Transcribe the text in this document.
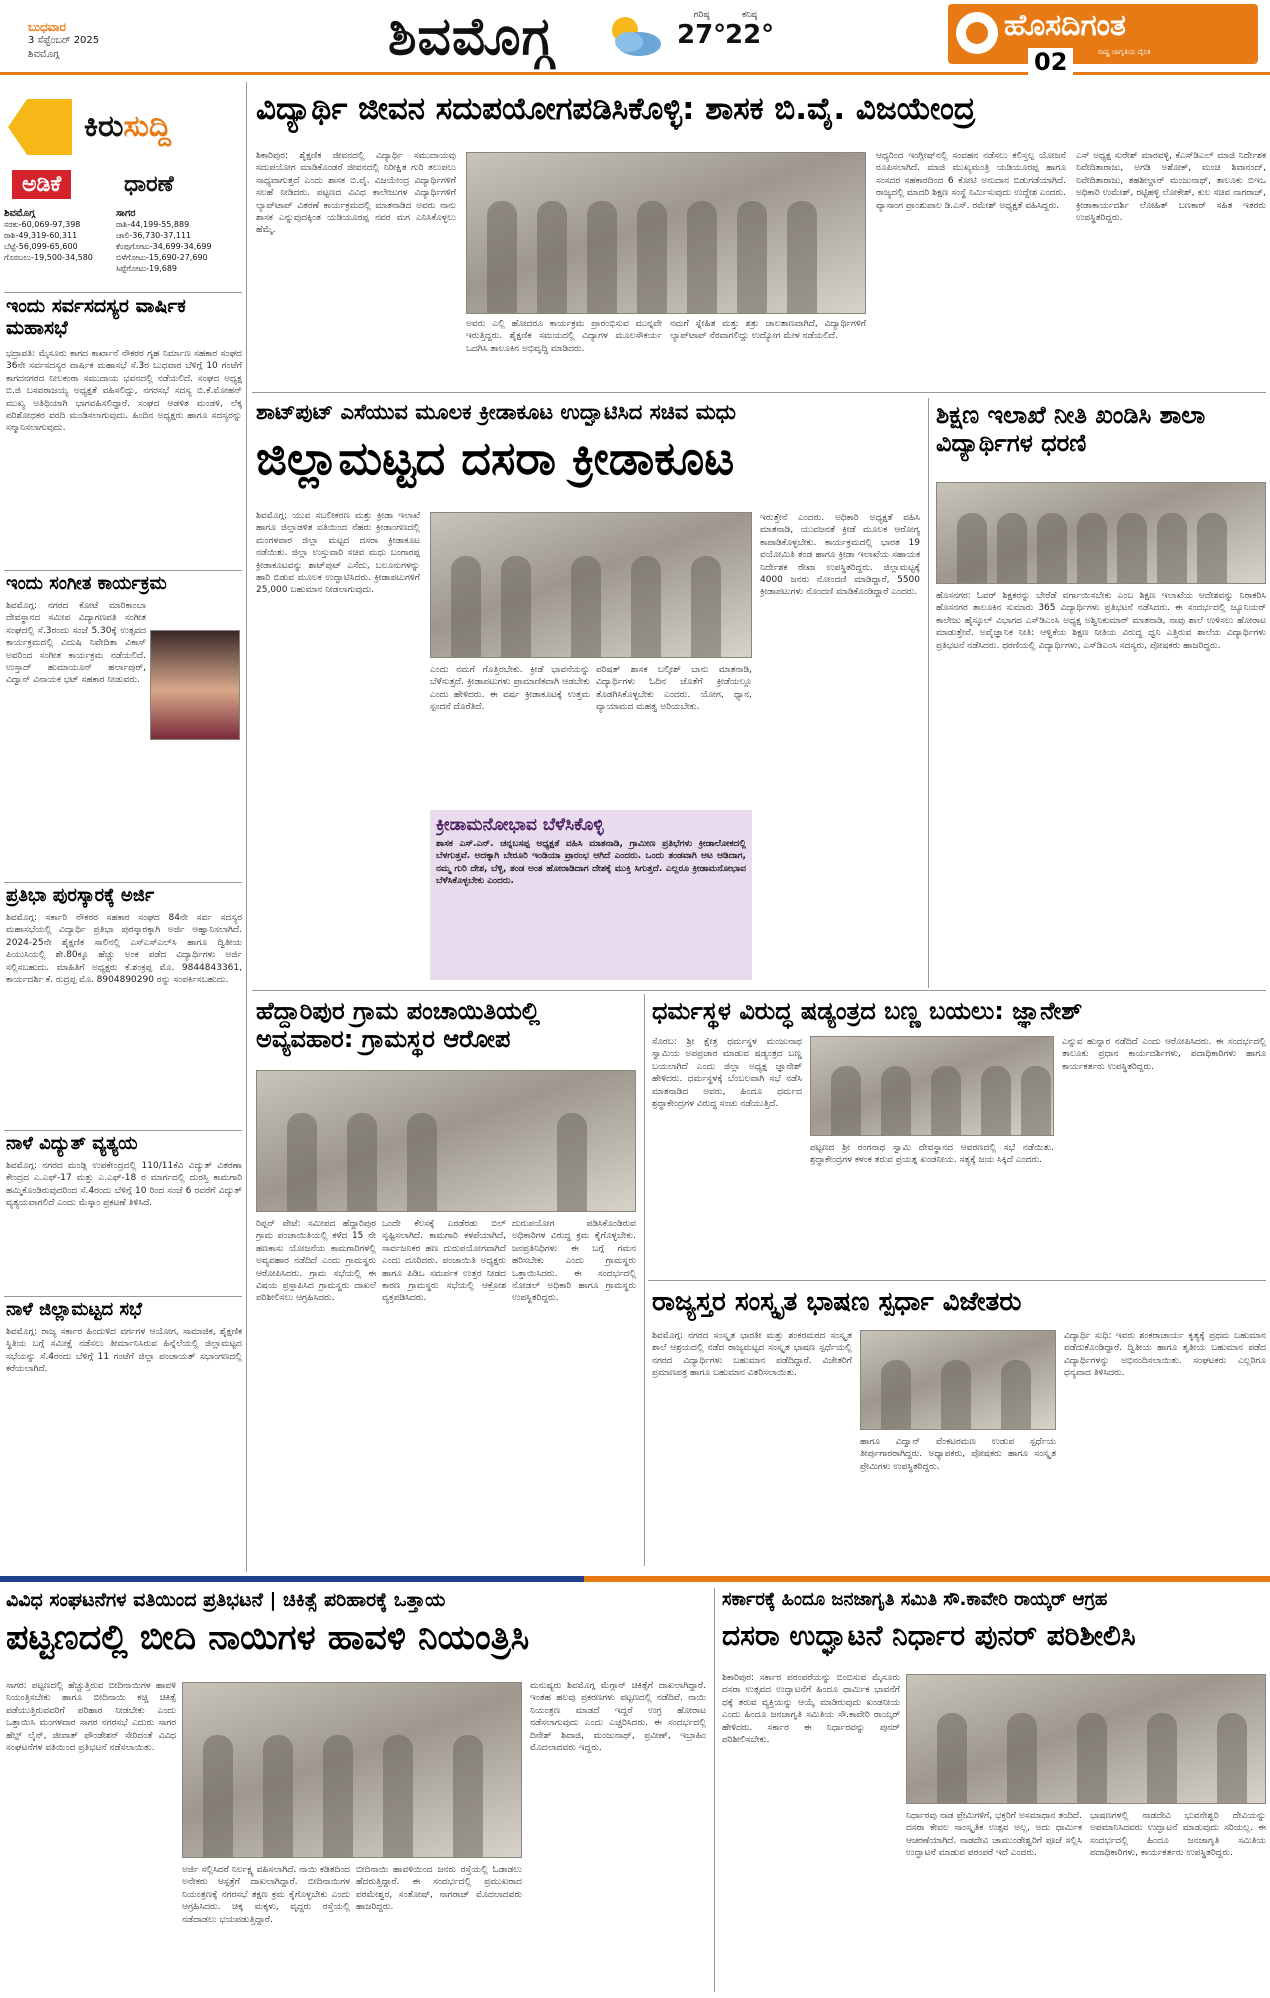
ಬುಧವಾರ
3 ಸೆಪ್ಟೆಂಬರ್ 2025
ಶಿವಮೊಗ್ಗ	ಶಿವಮೊಗ್ಗ	ಗರಿಷ್ಠ
27°
ಕನಿಷ್ಠ
22°	ಹೊಸದಿಗಂತ
ರಾಷ್ಟ್ರ ಜಾಗೃತಿಯ ದೈನಿಕ
02
ಕಿರುಸುದ್ದಿ
ಅಡಿಕೆ	ಧಾರಣೆ
ಶಿವಮೊಗ್ಗ
ಸರಕು-60,069-97,398
ರಾಶಿ-49,319-60,311
ಬೆಟ್ಟೆ-56,099-65,600
ಗೊರಬಲು-19,500-34,580
ಸಾಗರ
ರಾಶಿ-44,199-55,889
ಚಾಲಿ-36,730-37,111
ಕೆಂಪುಗೋಟು-34,699-34,699
ಬಿಳೆಗೋಟು-15,690-27,690
ಸಿಪ್ಪೆಗೋಟು-19,689
ಇಂದು ಸರ್ವಸದಸ್ಯರ ವಾರ್ಷಿಕ ಮಹಾಸಭೆ
ಭದ್ರಾವತಿ: ಮೈಸೂರು ಕಾಗದ ಕಾರ್ಖಾನೆ ನೌಕರರ ಗೃಹ ನಿರ್ಮಾಣ ಸಹಕಾರ ಸಂಘದ 36ನೇ ಸರ್ವಸದಸ್ಯರ ವಾರ್ಷಿಕ ಮಹಾಸಭೆ ಸೆ.3ರ ಬುಧವಾರ ಬೆಳಿಗ್ಗೆ 10 ಗಂಟೆಗೆ ಕಾಗದನಗರದ ನೀಲಕಂಠಾ ಸಮುದಾಯ ಭವನದಲ್ಲಿ ನಡೆಯಲಿದೆ. ಸಂಘದ ಅಧ್ಯಕ್ಷ ಬಿ.ಜಿ ಬಸವರಾಜಯ್ಯ ಅಧ್ಯಕ್ಷತೆ ವಹಿಸಲಿದ್ದು, ನಗರಸಭೆ ಸದಸ್ಯ ಬಿ.ಕೆ.ಮೋಹನ್ ಮುಖ್ಯ ಅತಿಥಿಯಾಗಿ ಭಾಗವಹಿಸಲಿದ್ದಾರೆ. ಸಂಘದ ಆಡಳಿತ ಮಂಡಳಿ, ಲೆಕ್ಕ ಪರಿಶೋಧಕರ ವರದಿ ಮಂಡಿಸಲಾಗುವುದು. ಹಿಂದಿನ ಅಧ್ಯಕ್ಷರು ಹಾಗೂ ಸದಸ್ಯರನ್ನು ಸನ್ಮಾನಿಸಲಾಗುವುದು.
ಇಂದು ಸಂಗೀತ ಕಾರ್ಯಕ್ರಮ
ಶಿವಮೊಗ್ಗ: ನಗರದ ಕೋಟೆ ಮಾರಿಕಾಂಬಾ ದೇವಸ್ಥಾನದ ಸಮೀಪ ವಿದ್ಯಾಗಣಪತಿ ಸಂಗೀತ ಸಂಘದಲ್ಲಿ ಸೆ.3ರಂದು ಸಂಜೆ 5.30ಕ್ಕೆ ಉತ್ಸವದ ಕಾರ್ಯಕ್ರಮದಲ್ಲಿ ವಿದುಷಿ ನಿವೇದಿತಾ ವಿಕಾಸ್ ಅವರಿಂದ ಸಂಗೀತ ಕಾರ್ಯಕ್ರಮ ನಡೆಯಲಿದೆ. ಉಸ್ತಾದ್ ಹುಮಾಯೂನ್ ಹರ್ಲಾಪುರ್, ವಿದ್ವಾನ್ ವಿನಾಯಕ ಭಟ್ ಸಹಕಾರ ನೀಡುವರು.
ಪ್ರತಿಭಾ ಪುರಸ್ಕಾರಕ್ಕೆ ಅರ್ಜಿ
ಶಿವಮೊಗ್ಗ: ಸರ್ಕಾರಿ ನೌಕರರ ಸಹಕಾರ ಸಂಘದ 84ನೇ ಸರ್ವ ಸದಸ್ಯರ ಮಹಾಸಭೆಯಲ್ಲಿ ವಿದ್ಯಾರ್ಥಿ ಪ್ರತಿಭಾ ಪುರಸ್ಕಾರಕ್ಕಾಗಿ ಅರ್ಜಿ ಆಹ್ವಾನಿಸಲಾಗಿದೆ. 2024-25ನೇ ಶೈಕ್ಷಣಿಕ ಸಾಲಿನಲ್ಲಿ ಎಸ್‌ಎಸ್‌ಎಲ್‌ಸಿ ಹಾಗೂ ದ್ವಿತೀಯ ಪಿಯುಸಿಯಲ್ಲಿ ಶೇ.80ಕ್ಕೂ ಹೆಚ್ಚು ಅಂಕ ಪಡೆದ ವಿದ್ಯಾರ್ಥಿಗಳು ಅರ್ಜಿ ಸಲ್ಲಿಸಬಹುದು. ಮಾಹಿತಿಗೆ ಅಧ್ಯಕ್ಷರು ಕೆ.ಶಂಕ್ರಪ್ಪ ಮೊ. 9844843361, ಕಾರ್ಯದರ್ಶಿ ಕೆ. ರುದ್ರಪ್ಪ ಮೊ. 8904890290 ರನ್ನು ಸಂಪರ್ಕಿಸಬಹುದು.
ನಾಳೆ ವಿದ್ಯುತ್ ವ್ಯತ್ಯಯ
ಶಿವಮೊಗ್ಗ: ನಗರದ ಮಂಡ್ಲಿ ಉಪಕೇಂದ್ರದಲ್ಲಿ 110/11ಕೆವಿ ವಿದ್ಯುತ್ ವಿತರಣಾ ಕೇಂದ್ರದ ಎ.ಎಫ್-17 ಮತ್ತು ಎ.ಎಫ್-18 ರ ಮಾರ್ಗದಲ್ಲಿ ದುರಸ್ತಿ ಕಾಮಗಾರಿ ಹಮ್ಮಿಕೊಂಡಿರುವುದರಿಂದ ಸೆ.4ರಂದು ಬೆಳಿಗ್ಗೆ 10 ರಿಂದ ಸಂಜೆ 6 ರವರೆಗೆ ವಿದ್ಯುತ್ ವ್ಯತ್ಯಯವಾಗಲಿದೆ ಎಂದು ಮೆಸ್ಕಾಂ ಪ್ರಕಟಣೆ ತಿಳಿಸಿದೆ.
ನಾಳೆ ಜಿಲ್ಲಾಮಟ್ಟದ ಸಭೆ
ಶಿವಮೊಗ್ಗ: ರಾಜ್ಯ ಸರ್ಕಾರ ಹಿಂದುಳಿದ ವರ್ಗಗಳ ಆಯೋಗ, ಸಾಮಾಜಿಕ, ಶೈಕ್ಷಣಿಕ ಸ್ಥಿತಿಯ ಬಗ್ಗೆ ಸಮೀಕ್ಷೆ ನಡೆಸಲು ತೀರ್ಮಾನಿಸಿರುವ ಹಿನ್ನೆಲೆಯಲ್ಲಿ ಜಿಲ್ಲಾಮಟ್ಟದ ಸಭೆಯನ್ನು ಸೆ.4ರಂದು ಬೆಳಿಗ್ಗೆ 11 ಗಂಟೆಗೆ ಜಿಲ್ಲಾ ಪಂಚಾಯತ್ ಸಭಾಂಗಣದಲ್ಲಿ ಕರೆಯಲಾಗಿದೆ.
ವಿದ್ಯಾರ್ಥಿ ಜೀವನ ಸದುಪಯೋಗಪಡಿಸಿಕೊಳ್ಳಿ: ಶಾಸಕ ಬಿ.ವೈ. ವಿಜಯೇಂದ್ರ
ಶಿಕಾರಿಪುರ: ಶೈಕ್ಷಣಿಕ ಜೀವನದಲ್ಲಿ ವಿದ್ಯಾರ್ಥಿ ಸಮುದಾಯವು ಸದುಪಯೋಗ ಮಾಡಿಕೊಂಡರೆ ಜೀವನದಲ್ಲಿ ನಿರೀಕ್ಷಿತ ಗುರಿ ತಲುಪಲು ಸಾಧ್ಯವಾಗುತ್ತದೆ ಎಂದು ಶಾಸಕ ಬಿ.ವೈ. ವಿಜಯೇಂದ್ರ ವಿದ್ಯಾರ್ಥಿಗಳಿಗೆ ಸಲಹೆ ನೀಡಿದರು. ಪಟ್ಟಣದ ವಿವಿಧ ಕಾಲೇಜುಗಳ ವಿದ್ಯಾರ್ಥಿಗಳಿಗೆ ಲ್ಯಾಪ್‌ಟಾಪ್ ವಿತರಣೆ ಕಾರ್ಯಕ್ರಮದಲ್ಲಿ ಮಾತನಾಡಿದ ಅವರು ನಾನು ಶಾಸಕ ಎನ್ನುವುದಕ್ಕಿಂತ ಯಡಿಯೂರಪ್ಪ ನವರ ಮಗ ಎನಿಸಿಕೊಳ್ಳಲು ಹೆಮ್ಮೆ.
ಅವರು ಎಲ್ಲಿ ಹೋದರೂ ಕಾರ್ಯಕ್ರಮ ಪ್ರಾರಂಭಿಸುವ ಮುನ್ನವೇ ಇರುತ್ತಿದ್ದರು. ಶೈಕ್ಷಣಿಕ ಸಮಯದಲ್ಲಿ ವಿದ್ಯಾಗಳ ಮೂಲಸೌಕರ್ಯ ಒದಗಿಸಿ ತಾಲೂಕಿನ ಅಭಿವೃದ್ಧಿ ಮಾಡಿದರು.
ನಮಗೆ ಸ್ನೇಹಿತ ಮತ್ತು ಶತ್ರು ಜಾಲತಾಣವಾಗಿದೆ, ವಿದ್ಯಾರ್ಥಿಗಳಿಗೆ ಲ್ಯಾಪ್‌ಟಾಪ್ ನೆರವಾಗಲಿದ್ದು ಉದ್ಯೋಗ ಮೇಳ ನಡೆಯಲಿದೆ.
ಆಧ್ಯರಿಂದ ಇಂಗ್ಲೀಷ್‌ನಲ್ಲಿ ಸಂವಹನ ನಡೆಸಲು ಕಲಿಸ್ತಲ್ಪ ಯೋಜನೆ ರೂಪಿಸಲಾಗಿದೆ. ಮಾಜಿ ಮುಖ್ಯಮಂತ್ರಿ ಯಡಿಯೂರಪ್ಪ ಹಾಗೂ ಸಂಸದರ ಸಹಕಾರದಿಂದ 6 ಕೋಟಿ ಅನುದಾನ ಬಿಡುಗಡೆಯಾಗಿದೆ. ರಾಜ್ಯದಲ್ಲಿ ಮಾದರಿ ಶಿಕ್ಷಣ ಸಂಸ್ಥೆ ನಿರ್ಮಿಸುವುದು ಉದ್ದೇಶ ಎಂದರು. ವ್ಯಾಸಾಂಗ ಪ್ರಾಂಶುಪಾಲ ಡಿ.ಎಸ್. ರಮೇಶ್ ಅಧ್ಯಕ್ಷತೆ ವಹಿಸಿದ್ದರು.
ಎಸ್ ಅಧ್ಯಕ್ಷ ಸುರೇಶ್ ಮಾರವಳ್ಳಿ, ಕೆಎಸ್‌ಡಿಎಲ್ ಮಾಜಿ ನಿರ್ದೇಶಕ ನಿವೇದಿತಾರಾಜು, ಅಗಡಿ ಅಶೋಕ್, ಮಂಚಿ ಶಿವಾನಂದ್, ನಿವೇದಿತಾರಾಜು, ತಹಶೀಲ್ದಾರ್ ಮಂಜುನಾಥ್, ತಾಲೂಕು ಬಿಇಒ ಅಧಿಕಾರಿ ಉಮೇಶ್, ರಟ್ಟಿಹಳ್ಳಿ ಲೋಕೇಶ್, ಕುಲ ಸಚಿವ ನಾಗರಾಜ್, ಕ್ರೀಡಾಕಾರ್ಯದರ್ಶಿ ಲೋಹಿತ್ ಬಣಕಾರ್ ಸಹಿತ ಇತರರು ಉಪಸ್ಥಿತರಿದ್ದರು.
ಶಾಟ್‌ಪುಟ್ ಎಸೆಯುವ ಮೂಲಕ ಕ್ರೀಡಾಕೂಟ ಉದ್ಘಾಟಿಸಿದ ಸಚಿವ ಮಧು
ಜಿಲ್ಲಾಮಟ್ಟದ ದಸರಾ ಕ್ರೀಡಾಕೂಟ
ಶಿವಮೊಗ್ಗ: ಯುವ ಸಬಲೀಕರಣ ಮತ್ತು ಕ್ರೀಡಾ ಇಲಾಖೆ ಹಾಗೂ ಜಿಲ್ಲಾಡಳಿತ ವತಿಯಿಂದ ನೆಹರು ಕ್ರೀಡಾಂಗಣದಲ್ಲಿ ಮಂಗಳವಾರ ಜಿಲ್ಲಾ ಮಟ್ಟದ ದಸರಾ ಕ್ರೀಡಾಕೂಟ ನಡೆಯಿತು. ಜಿಲ್ಲಾ ಉಸ್ತುವಾರಿ ಸಚಿವ ಮಧು ಬಂಗಾರಪ್ಪ ಕ್ರೀಡಾಕೂಟವನ್ನು ಶಾಟ್‌ಪುಟ್ ಎಸೆದು, ಬಲೂನುಗಳನ್ನು ಹಾರಿ ಬಿಡುವ ಮೂಲಕ ಉದ್ಘಾಟಿಸಿದರು. ಕ್ರೀಡಾಪಟುಗಳಿಗೆ 25,000 ಬಹುಮಾನ ನೀಡಲಾಗುವುದು.
ಎಂದು ನಮಗೆ ಗೊತ್ತಿರಬೇಕು. ಕ್ರೀಡೆ ಭಾವನೆಯನ್ನು ಬೆಳೆಸುತ್ತದೆ. ಕ್ರೀಡಾಪಟುಗಳು ಪ್ರಾಮಾಣಿಕವಾಗಿ ಆಡಬೇಕು ಎಂದು ಹೇಳಿದರು. ಈ ವರ್ಷ ಕ್ರೀಡಾಕೂಟಕ್ಕೆ ಉತ್ತಮ ಸ್ಪಂದನೆ ದೊರೆತಿದೆ.
ಪರಿಷತ್ ಶಾಸಕ ಬಲ್ಕೀಶ್ ಬಾನು ಮಾತನಾಡಿ, ವಿದ್ಯಾರ್ಥಿಗಳು ಓದಿನ ಜೊತೆಗೆ ಕ್ರೀಡೆಯಲ್ಲೂ ತೊಡಗಿಸಿಕೊಳ್ಳಬೇಕು ಎಂದರು. ಯೋಗ, ಧ್ಯಾನ, ವ್ಯಾಯಾಮದ ಮಹತ್ವ ಅರಿಯಬೇಕು.
ಇರುತ್ತೇನೆ ಎಂದರು. ಅಧಿಕಾರಿ ಅಧ್ಯಕ್ಷತೆ ವಹಿಸಿ ಮಾತನಾಡಿ, ಯುವಜನತೆ ಕ್ರೀಡೆ ಮೂಲಕ ಆರೋಗ್ಯ ಕಾಪಾಡಿಕೊಳ್ಳಬೇಕು. ಕಾರ್ಯಕ್ರಮದಲ್ಲಿ ಭಾರತ 19 ವಯೋಮಿತಿ ತಂಡ ಹಾಗೂ ಕ್ರೀಡಾ ಇಲಾಖೆಯ ಸಹಾಯಕ ನಿರ್ದೇಶಕ ರೇಖಾ ಉಪಸ್ಥಿತರಿದ್ದರು. ಜಿಲ್ಲಾಮಟ್ಟಕ್ಕೆ 4000 ಜನರು ನೋಂದಣಿ ಮಾಡಿದ್ದಾರೆ, 5500 ಕ್ರೀಡಾಪಟುಗಳು ನೊಂದಣಿ ಮಾಡಿಕೊಂಡಿದ್ದಾರೆ ಎಂದರು.
ಕ್ರೀಡಾಮನೋಭಾವ ಬೆಳೆಸಿಕೊಳ್ಳಿ
ಶಾಸಕ ಎಸ್.ಎನ್. ಚನ್ನಬಸಪ್ಪ ಅಧ್ಯಕ್ಷತೆ ವಹಿಸಿ ಮಾತನಾಡಿ, ಗ್ರಾಮೀಣ ಪ್ರತಿಭೆಗಳು ಕ್ರೀಡಾಲೋಕದಲ್ಲಿ ಬೆಳಗುತ್ತವೆ. ಅದಕ್ಕಾಗಿ ಬೇರೂರಿ ಇಂಡಿಯಾ ಪ್ರಾರಂಭ ಆಗಿದೆ ಎಂದರು. ಒಂದು ತಂಡವಾಗಿ ಆಟ ಆಡಿದಾಗ, ನಮ್ಮ ಗುರಿ ದೇಶ, ಬೆಳ್ಳಿ, ತಂಡ ಅಂತ ಹೋರಾಡಿದಾಗ ದೇಶಕ್ಕೆ ಮುಕ್ತಿ ಸಿಗುತ್ತದೆ. ಎಲ್ಲರೂ ಕ್ರೀಡಾಮನೋಭಾವ ಬೆಳೆಸಿಕೊಳ್ಳಬೇಕು ಎಂದರು.
ಶಿಕ್ಷಣ ಇಲಾಖೆ ನೀತಿ ಖಂಡಿಸಿ ಶಾಲಾ ವಿದ್ಯಾರ್ಥಿಗಳ ಧರಣಿ
ಹೊಸನಗರ: ಓವರ್ ಶಿಕ್ಷಕರನ್ನು ಬೇರೆಡೆ ವರ್ಗಾಯಿಸಬೇಕು ಎಂಬ ಶಿಕ್ಷಣ ಇಲಾಖೆಯ ಆದೇಶವನ್ನು ನಿರಾಕರಿಸಿ ಹೊಸನಗರ ತಾಲೂಕಿನ ಸುಮಾರು 365 ವಿದ್ಯಾರ್ಥಿಗಳು ಪ್ರತಿಭಟನೆ ನಡೆಸಿದರು. ಈ ಸಂದರ್ಭದಲ್ಲಿ ಜ್ಯೂನಿಯರ್ ಕಾಲೇಜು ಹೈಸ್ಕೂಲ್ ವಿಭಾಗದ ಎಸ್‌ಡಿಎಂಸಿ ಅಧ್ಯಕ್ಷ ಅಶ್ವಿನಿಕುಮಾರ್ ಮಾತನಾಡಿ, ನಾವು ಶಾಲೆ ಉಳಿಸಲು ಹೋರಾಟ ಮಾಡುತ್ತೇವೆ. ಅವೈಜ್ಞಾನಿಕ ನೀತಿ: ಆಳ್ವಿಕೆಯ ಶಿಕ್ಷಣ ನೀತಿಯ ವಿರುದ್ಧ ಧ್ವನಿ ಎತ್ತಿರುವ ಶಾಲೆಯ ವಿದ್ಯಾರ್ಥಿಗಳು ಪ್ರತಿಭಟನೆ ನಡೆಸಿದರು. ಧರಣಿಯಲ್ಲಿ ವಿದ್ಯಾರ್ಥಿಗಳು, ಎಸ್‌ಡಿಎಂಸಿ ಸದಸ್ಯರು, ಪೋಷಕರು ಹಾಜರಿದ್ದರು.
ಹೆದ್ದಾರಿಪುರ ಗ್ರಾಮ ಪಂಚಾಯಿತಿಯಲ್ಲಿ ಅವ್ಯವಹಾರ: ಗ್ರಾಮಸ್ಥರ ಆರೋಪ
ರಿಪ್ಪನ್ ಪೇಟೆ: ಸಮೀಪದ ಹೆದ್ದಾರಿಪುರ ಗ್ರಾಮ ಪಂಚಾಯಿತಿಯಲ್ಲಿ ಕಳೆದ 15 ನೇ ಹಣಕಾಸು ಯೋಜನೆಯ ಕಾಮಗಾರಿಗಳಲ್ಲಿ ಅವ್ಯವಹಾರ ನಡೆದಿದೆ ಎಂದು ಗ್ರಾಮಸ್ಥರು ಆರೋಪಿಸಿದರು. ಗ್ರಾಮ ಸಭೆಯಲ್ಲಿ ಈ ವಿಷಯ ಪ್ರಸ್ತಾಪಿಸಿದ ಗ್ರಾಮಸ್ಥರು ದಾಖಲೆ ಪರಿಶೀಲಿಸಲು ಆಗ್ರಹಿಸಿದರು.
ಒಂದೇ ಕೆಲಸಕ್ಕೆ ಎರಡೆರಡು ಬಿಲ್ ಸೃಷ್ಟಿಸಲಾಗಿದೆ. ಕಾಮಗಾರಿ ಕಳಪೆಯಾಗಿದೆ, ಸಾರ್ವಜನಿಕರ ಹಣ ದುರುಪಯೋಗವಾಗಿದೆ ಎಂದು ದೂರಿದರು. ಪಂಚಾಯಿತಿ ಅಧ್ಯಕ್ಷರು ಹಾಗೂ ಪಿಡಿಒ ಸಮರ್ಪಕ ಉತ್ತರ ನೀಡದ ಕಾರಣ ಗ್ರಾಮಸ್ಥರು ಸಭೆಯಲ್ಲಿ ಆಕ್ರೋಶ ವ್ಯಕ್ತಪಡಿಸಿದರು.
ದುರುಪಯೋಗ ಪಡಿಸಿಕೊಂಡಿರುವ ಅಧಿಕಾರಿಗಳ ವಿರುದ್ಧ ಕ್ರಮ ಕೈಗೊಳ್ಳಬೇಕು. ಜನಪ್ರತಿನಿಧಿಗಳು ಈ ಬಗ್ಗೆ ಗಮನ ಹರಿಸಬೇಕು ಎಂದು ಗ್ರಾಮಸ್ಥರು ಒತ್ತಾಯಿಸಿದರು. ಈ ಸಂದರ್ಭದಲ್ಲಿ ನೋಡಲ್ ಅಧಿಕಾರಿ ಹಾಗೂ ಗ್ರಾಮಸ್ಥರು ಉಪಸ್ಥಿತರಿದ್ದರು.
ಧರ್ಮಸ್ಥಳ ವಿರುದ್ಧ ಷಡ್ಯಂತ್ರದ ಬಣ್ಣ ಬಯಲು: ಜ್ಞಾನೇಶ್
ಸೊರಬ: ಶ್ರೀ ಕ್ಷೇತ್ರ ಧರ್ಮಸ್ಥಳ ಮಂಜುನಾಥ ಸ್ವಾಮಿಯ ಅಪಪ್ರಚಾರ ಮಾಡುವ ಷಡ್ಯಂತ್ರದ ಬಣ್ಣ ಬಯಲಾಗಿದೆ ಎಂದು ಜಿಲ್ಲಾ ಅಧ್ಯಕ್ಷ ಜ್ಞಾನೇಶ್ ಹೇಳಿದರು. ಧರ್ಮಸ್ಥಳಕ್ಕೆ ಬೆಂಬಲವಾಗಿ ಸಭೆ ನಡೆಸಿ ಮಾತನಾಡಿದ ಅವರು, ಹಿಂದೂ ಧರ್ಮದ ಶ್ರದ್ಧಾಕೇಂದ್ರಗಳ ವಿರುದ್ಧ ಸಂಚು ನಡೆಯುತ್ತಿದೆ.
ಪಟ್ಟಣದ ಶ್ರೀ ರಂಗನಾಥ ಸ್ವಾಮಿ ದೇವಸ್ಥಾನದ ಆವರಣದಲ್ಲಿ ಸಭೆ ನಡೆಯಿತು. ಶ್ರದ್ಧಾಕೇಂದ್ರಗಳ ಕಳಂಕ ತರುವ ಪ್ರಯತ್ನ ಖಂಡನೀಯ. ಸತ್ಯಕ್ಕೆ ಜಯ ಸಿಕ್ಕಿದೆ ಎಂದರು.
ಎನ್ನುವ ಹುನ್ನಾರ ನಡೆದಿದೆ ಎಂದು ಆರೋಪಿಸಿದರು. ಈ ಸಂದರ್ಭದಲ್ಲಿ ತಾಲೂಕು ಪ್ರಧಾನ ಕಾರ್ಯದರ್ಶಿಗಳು, ಪದಾಧಿಕಾರಿಗಳು ಹಾಗೂ ಕಾರ್ಯಕರ್ತರು ಉಪಸ್ಥಿತರಿದ್ದರು.
ರಾಜ್ಯಸ್ತರ ಸಂಸ್ಕೃತ ಭಾಷಣ ಸ್ಪರ್ಧಾ ವಿಜೇತರು
ಶಿವಮೊಗ್ಗ: ನಗರದ ಸಂಸ್ಕೃತ ಭಾರತೀ ಮತ್ತು ಶಂಕರಮಠದ ಸಂಸ್ಕೃತ ಶಾಲೆ ಆಶ್ರಯದಲ್ಲಿ ನಡೆದ ರಾಜ್ಯಮಟ್ಟದ ಸಂಸ್ಕೃತ ಭಾಷಣ ಸ್ಪರ್ಧೆಯಲ್ಲಿ ನಗರದ ವಿದ್ಯಾರ್ಥಿಗಳು ಬಹುಮಾನ ಪಡೆದಿದ್ದಾರೆ. ವಿಜೇತರಿಗೆ ಪ್ರಮಾಣಪತ್ರ ಹಾಗೂ ಬಹುಮಾನ ವಿತರಿಸಲಾಯಿತು.
ಹಾಗೂ ವಿದ್ವಾನ್ ವೆಂಕಟರಮಣ ಉಡುಪ ಸ್ಪರ್ಧೆಯ ತೀರ್ಪುಗಾರರಾಗಿದ್ದರು. ಅಧ್ಯಾಪಕರು, ಪೋಷಕರು ಹಾಗೂ ಸಂಸ್ಕೃತ ಪ್ರೇಮಿಗಳು ಉಪಸ್ಥಿತರಿದ್ದರು.
ವಿದ್ಯಾರ್ಥಿ ಸುಧಿ: ಇವರು ಶಂಕರಾಚಾರ್ಯ ಕೃತ್ಯಕ್ಕೆ ಪ್ರಥಮ ಬಹುಮಾನ ಪಡೆದುಕೊಂಡಿದ್ದಾರೆ. ದ್ವಿತೀಯ ಹಾಗೂ ತೃತೀಯ ಬಹುಮಾನ ಪಡೆದ ವಿದ್ಯಾರ್ಥಿಗಳನ್ನು ಅಭಿನಂದಿಸಲಾಯಿತು. ಸಂಘಟಕರು ಎಲ್ಲರಿಗೂ ಧನ್ಯವಾದ ತಿಳಿಸಿದರು.
ವಿವಿಧ ಸಂಘಟನೆಗಳ ವತಿಯಿಂದ ಪ್ರತಿಭಟನೆ | ಚಿಕಿತ್ಸೆ ಪರಿಹಾರಕ್ಕೆ ಒತ್ತಾಯ
ಪಟ್ಟಣದಲ್ಲಿ ಬೀದಿ ನಾಯಿಗಳ ಹಾವಳಿ ನಿಯಂತ್ರಿಸಿ
ಸಾಗರ: ಪಟ್ಟಣದಲ್ಲಿ ಹೆಚ್ಚುತ್ತಿರುವ ಬೀದಿನಾಯಿಗಳ ಹಾವಳಿ ನಿಯಂತ್ರಿಸಬೇಕು ಹಾಗೂ ಬೀದಿನಾಯಿ ಕಚ್ಚಿ ಚಿಕಿತ್ಸೆ ಪಡೆಯುತ್ತಿರುವವರಿಗೆ ಪರಿಹಾರ ನೀಡಬೇಕು ಎಂದು ಒತ್ತಾಯಿಸಿ ಮಂಗಳವಾರ ಸಾಗರ ನಗರಸಭೆ ಎದುರು ಸಾಗರ ಹೆಲ್ಪ್ ಲೈನ್, ಜೀವಾತ್ ಫೌಂಡೇಶನ್ ಸೇರಿದಂತೆ ವಿವಿಧ ಸಂಘಟನೆಗಳ ವತಿಯಿಂದ ಪ್ರತಿಭಟನೆ ನಡೆಸಲಾಯಿತು.
ಅರ್ಜಿ ಸಲ್ಲಿಸಿದರೆ ನಿರ್ಲಕ್ಷ್ಯ ವಹಿಸಲಾಗಿದೆ. ನಾಯಿ ಕಡಿತದಿಂದ ಅನೇಕರು ಆಸ್ಪತ್ರೆಗೆ ದಾಖಲಾಗಿದ್ದಾರೆ. ಬೀದಿನಾಯಿಗಳ ನಿಯಂತ್ರಣಕ್ಕೆ ನಗರಸಭೆ ತಕ್ಷಣ ಕ್ರಮ ಕೈಗೊಳ್ಳಬೇಕು ಎಂದು ಆಗ್ರಹಿಸಿದರು. ಚಿಕ್ಕ ಮಕ್ಕಳು, ವೃದ್ಧರು ರಸ್ತೆಯಲ್ಲಿ ನಡೆದಾಡಲು ಭಯಪಡುತ್ತಿದ್ದಾರೆ.
ಬೀದಿನಾಯಿ ಹಾವಳಿಯಿಂದ ಜನರು ರಸ್ತೆಯಲ್ಲಿ ಓಡಾಡಲು ಹೆದರುತ್ತಿದ್ದಾರೆ. ಈ ಸಂದರ್ಭದಲ್ಲಿ ಪ್ರಮುಖರಾದ ಪರಮೇಶ್ವರ, ಸಂತೋಷ್, ನಾಗರಾಜ್ ಮೊದಲಾದವರು ಹಾಜರಿದ್ದರು.
ಮನುಷ್ಯರು ಶಿವಮೊಗ್ಗ ಮೆಗ್ಗಾನ್ ಚಿಕಿತ್ಸೆಗೆ ದಾಖಲಾಗಿದ್ದಾರೆ. ಇಂತಹ ಹಲವು ಪ್ರಕರಣಗಳು ಪಟ್ಟಣದಲ್ಲಿ ನಡೆದಿವೆ. ನಾಯಿ ನಿಯಂತ್ರಣ ಮಾಡದೆ ಇದ್ದರೆ ಉಗ್ರ ಹೋರಾಟ ನಡೆಸಲಾಗುವುದು ಎಂದು ಎಚ್ಚರಿಸಿದರು. ಈ ಸಂದರ್ಭದಲ್ಲಿ ದಿನೇಶ್ ಶಿವಾಜಿ, ಮಂಜುನಾಥ್, ಪ್ರವೀಣ್, ಇಬ್ರಾಹಿಂ ಮೊದಲಾದವರು ಇದ್ದರು.
ಸರ್ಕಾರಕ್ಕೆ ಹಿಂದೂ ಜನಜಾಗೃತಿ ಸಮಿತಿ ಸೌ.ಕಾವೇರಿ ರಾಯ್ಕರ್ ಆಗ್ರಹ
ದಸರಾ ಉದ್ಘಾಟನೆ ನಿರ್ಧಾರ ಪುನರ್ ಪರಿಶೀಲಿಸಿ
ಶಿಕಾರಿಪುರ: ಸರ್ಕಾರ ಪರಂಪರೆಯನ್ನು ಬಿಂಬಿಸುವ ಮೈಸೂರು ದಸರಾ ಉತ್ಸವದ ಉದ್ಘಾಟನೆಗೆ ಹಿಂದೂ ಧಾರ್ಮಿಕ ಭಾವನೆಗೆ ಧಕ್ಕೆ ತರುವ ವ್ಯಕ್ತಿಯನ್ನು ಆಯ್ಕೆ ಮಾಡಿರುವುದು ಖಂಡನೀಯ ಎಂದು ಹಿಂದೂ ಜನಜಾಗೃತಿ ಸಮಿತಿಯ ಸೌ.ಕಾವೇರಿ ರಾಯ್ಕರ್ ಹೇಳಿದರು. ಸರ್ಕಾರ ಈ ನಿರ್ಧಾರವನ್ನು ಪುನರ್ ಪರಿಶೀಲಿಸಬೇಕು.
ನಿರ್ಧಾರವು ನಾಡ ಪ್ರೇಮಿಗಳಿಗೆ, ಭಕ್ತರಿಗೆ ಅಸಮಾಧಾನ ತಂದಿದೆ. ದಸರಾ ಕೇವಲ ಸಾಂಸ್ಕೃತಿಕ ಉತ್ಸವ ಅಲ್ಲ, ಅದು ಧಾರ್ಮಿಕ ಆಚರಣೆಯಾಗಿದೆ. ನಾಡದೇವಿ ಚಾಮುಂಡೇಶ್ವರಿಗೆ ಪೂಜೆ ಸಲ್ಲಿಸಿ ಉದ್ಘಾಟನೆ ಮಾಡುವ ಪರಂಪರೆ ಇದೆ ಎಂದರು.
ಭಾಷಣಗಳಲ್ಲಿ ನಾಡದೇವಿ ಭುವನೇಶ್ವರಿ ದೇವಿಯನ್ನು ಅಪಮಾನಿಸಿದವರು ಉದ್ಘಾಟನೆ ಮಾಡುವುದು ಸರಿಯಲ್ಲ. ಈ ಸಂದರ್ಭದಲ್ಲಿ ಹಿಂದೂ ಜನಜಾಗೃತಿ ಸಮಿತಿಯ ಪದಾಧಿಕಾರಿಗಳು, ಕಾರ್ಯಕರ್ತರು ಉಪಸ್ಥಿತರಿದ್ದರು.
